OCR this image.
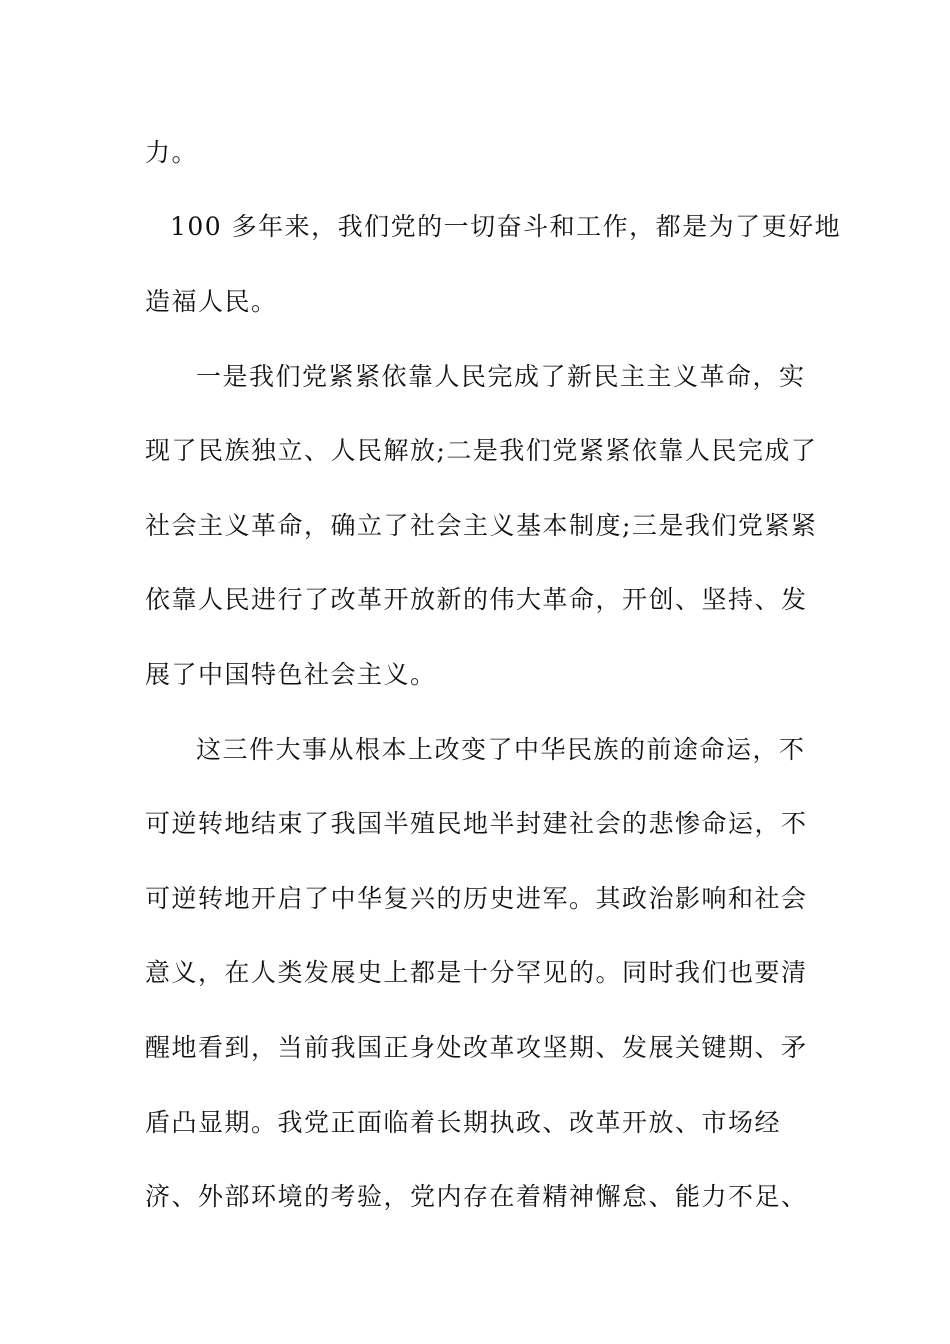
力。

100 多年来，我们党的一切奋斗和工作，都是为了更好地

造福人民。

一是我们党紧紧依靠人民完成了新民主主义革命，实

现了民族独立、人民解放;二是我们党紧紧依靠人民完成了

社会主义革命，确立了社会主义基本制度;三是我们党紧紧

依靠人民进行了改革开放新的伟大革命，开创、坚持、发

展了中国特色社会主义。

这三件大事从根本上改变了中华民族的前途命运，不

可逆转地结束了我国半殖民地半封建社会的悲惨命运，不

可逆转地开启了中华复兴的历史进军。其政治影响和社会

意义，在人类发展史上都是十分罕见的。同时我们也要清

醒地看到，当前我国正身处改革攻坚期、发展关键期、矛

盾凸显期。我党正面临着长期执政、改革开放、市场经

济、外部环境的考验，党内存在着精神懈怠、能力不足、
